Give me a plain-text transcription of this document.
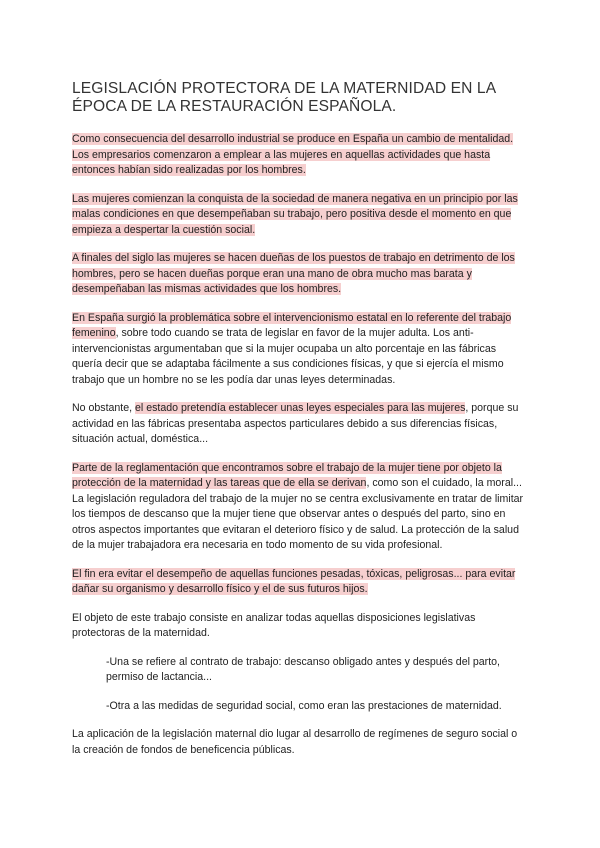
LEGISLACIÓN PROTECTORA DE LA MATERNIDAD EN LA ÉPOCA DE LA RESTAURACIÓN ESPAÑOLA.

Como consecuencia del desarrollo industrial se produce en España un cambio de mentalidad. Los empresarios comenzaron a emplear a las mujeres en aquellas actividades que hasta entonces habían sido realizadas por los hombres.

Las mujeres comienzan la conquista de la sociedad de manera negativa en un principio por las malas condiciones en que desempeñaban su trabajo, pero positiva desde el momento en que empieza a despertar la cuestión social.

A finales del siglo las mujeres se hacen dueñas de los puestos de trabajo en detrimento de los hombres, pero se hacen dueñas porque eran una mano de obra mucho mas barata y desempeñaban las mismas actividades que los hombres.

En España surgió la problemática sobre el intervencionismo estatal en lo referente del trabajo femenino, sobre todo cuando se trata de legislar en favor de la mujer adulta. Los anti-intervencionistas argumentaban que si la mujer ocupaba un alto porcentaje en las fábricas quería decir que se adaptaba fácilmente a sus condiciones físicas, y que si ejercía el mismo trabajo que un hombre no se les podía dar unas leyes determinadas.

No obstante, el estado pretendía establecer unas leyes especiales para las mujeres, porque su actividad en las fábricas presentaba aspectos particulares debido a sus diferencias físicas, situación actual, doméstica...

Parte de la reglamentación que encontramos sobre el trabajo de la mujer tiene por objeto la protección de la maternidad y las tareas que de ella se derivan, como son el cuidado, la moral... La legislación reguladora del trabajo de la mujer no se centra exclusivamente en tratar de limitar los tiempos de descanso que la mujer tiene que observar antes o después del parto, sino en otros aspectos importantes que evitaran el deterioro físico y de salud. La protección de la salud de la mujer trabajadora era necesaria en todo momento de su vida profesional.

El fin era evitar el desempeño de aquellas funciones pesadas, tóxicas, peligrosas... para evitar dañar su organismo y desarrollo físico y el de sus futuros hijos.

El objeto de este trabajo consiste en analizar todas aquellas disposiciones legislativas protectoras de la maternidad.

-Una se refiere al contrato de trabajo: descanso obligado antes y después del parto, permiso de lactancia...

-Otra a las medidas de seguridad social, como eran las prestaciones de maternidad.

La aplicación de la legislación maternal dio lugar al desarrollo de regímenes de seguro social o la creación de fondos de beneficencia públicas.
